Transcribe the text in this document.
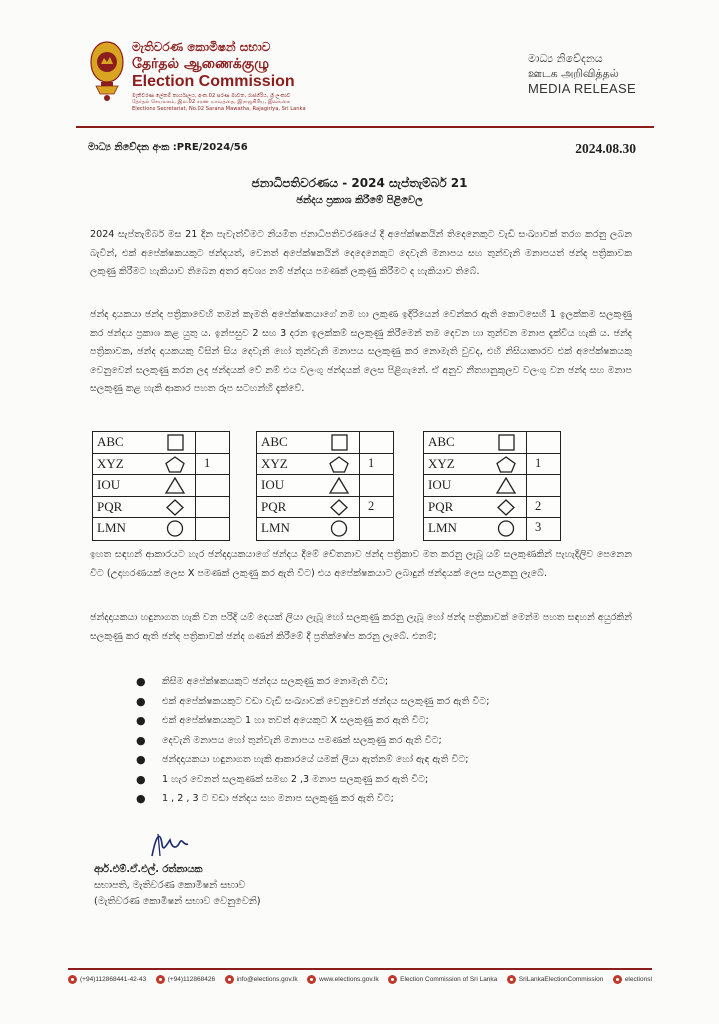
මැතිවරණ කොමිෂන් සභාව
தேர்தல் ஆணைக்குழு
Election Commission
මැතිවරණ ලේකම් කාර්යාලය, අංක.02 සරණ මාවත, රාජගිරිය, ශ්‍රී ලංකාව
தேர்தல் செயலகம், இல.02 சரண மாவத்தை, இராஜகிரிய, இலங்கை
Elections Secretariat, No.02 Sarana Mawatha, Rajagiriya, Sri Lanka
මාධ්‍ය නිවේදනය
ஊடக அறிவித்தல்
MEDIA RELEASE
මාධ්‍ය නිවේදන අංක :PRE/2024/56	2024.08.30
ජනාධිපතිවරණය - 2024 සැප්තැම්බර් 21
ඡන්දය ප්‍රකාශ කිරීමේ පිළිවෙල

2024 සැප්තැම්බර් මස 21 දින පැවැත්වීමට නියමිත ජනාධිපතිවරණයේ දී අපේක්ෂකයින් තිදෙනෙකුට වැඩි සංඛ්‍යාවක් තරග කරනු ලබන බැවින්, එක් අපේක්ෂකයකුට ඡන්දයත්, වෙනත් අපේක්ෂකයින් දෙදෙනෙකුට දෙවැනි මනාපය සහ තුන්වැනි මනාපයත් ඡන්ද පත්‍රිකාවක ලකුණු කිරීමට හැකියාව තිබෙන අතර අවශ්‍ය නම් ඡන්දය පමණක් ලකුණු කිරීමට ද හැකියාව තිබේ.

ඡන්ද දායකයා ඡන්ද පත්‍රිකාවෙහි තමන් කැමති අපේක්ෂකයාගේ නම හා ලකුණ ඉදිරියෙන් වෙන්කර ඇති කොටසෙහි 1 ඉලක්කම සලකුණු කර ඡන්දය ප්‍රකාශ කළ යුතු ය. ඉන්පසුව 2 සහ 3 දරන ඉලක්කම් සලකුණු කිරීමෙන් තම දෙවන හා තුන්වන මනාප දැක්විය හැකි ය. ඡන්ද පත්‍රිකාවක, ඡන්ද දායකයකු විසින් සිය දෙවැනි හෝ තුන්වැනි මනාපය සලකුණු කර නොමැති වුවද, එහි නිසියාකාරව එක් අපේක්ෂකයකු වෙනුවෙන් සලකුණු කරන ලද ඡන්දයක් වේ නම් එය වලංගු ඡන්දයක් ලෙස පිළිගැනේ. ඒ අනුව නීත්‍යානුකූලව වලංගු වන ඡන්ද සහ මනාප සලකුණු කළ හැකි ආකාර පහත රූප සටහන්හි දැක්වේ.

ABC
XYZ	1
IOU
PQR
LMN
ABC
XYZ	1
IOU
PQR	2
LMN
ABC
XYZ	1
IOU
PQR	2
LMN	3

ඉහත සඳහන් ආකාරයට හැර ඡන්දදායකයාගේ ඡන්දය දීමේ චේතනාව ඡන්ද පත්‍රිකාව මත කරනු ලැබූ යම් සලකුණකින් පැහැදිලිව පෙනෙන විට (උදාහරණයක් ලෙස X පමණක් ලකුණු කර ඇති විට) එය අපේක්ෂකයාට ලබාදුන් ඡන්දයක් ලෙස සලකනු ලැබේ.

ඡන්දදායකයා හඳුනාගත හැකි වන පරිදි යම් දෙයක් ලියා ලැබූ හෝ සලකුණු කරනු ලැබූ හෝ ඡන්ද පත්‍රිකාවක් මෙන්ම පහත සඳහන් අයුරකින් සලකුණු කර ඇති ඡන්ද පත්‍රිකාවක් ඡන්ද ගණන් කිරීමේ දී ප්‍රතික්ෂේප කරනු ලැබේ. එනම්;

● කිසිම අපේක්ෂකයකුට ඡන්දය සලකුණු කර නොමැති විට;
● එක් අපේක්ෂකයකුට වඩා වැඩි සංඛ්‍යාවක් වෙනුවෙන් ඡන්දය සලකුණු කර ඇති විට;
● එක් අපේක්ෂකයකුට 1 හා තවත් අයෙකුට X සලකුණු කර ඇති විට;
● දෙවැනි මනාපය හෝ තුන්වැනි මනාපය පමණක් සලකුණු කර ඇති විට;
● ඡන්දදායකයා හඳුනාගත හැකි ආකාරයේ යමක් ලියා ඇත්නම් හෝ ඇඳ ඇති විට;
● 1 හැර වෙනත් සලකුණක් සමඟ 2 ,3 මනාප සලකුණු කර ඇති විට;
● 1 , 2 , 3 ට වඩා ඡන්දය සහ මනාප සලකුණු කර ඇති විට;
ආර්.එම්.ඒ.එල්. රත්නායක
සභාපති, මැතිවරණ කොමිෂන් සභාව
(මැතිවරණ කොමිෂන් සභාව වෙනුවෙනි)
(+94)112868441-42-43	(+94)112868426	info@elections.gov.lk	www.elections.gov.lk	Election Commission of Sri Lanka	SriLankaElectionCommission	electionsl
